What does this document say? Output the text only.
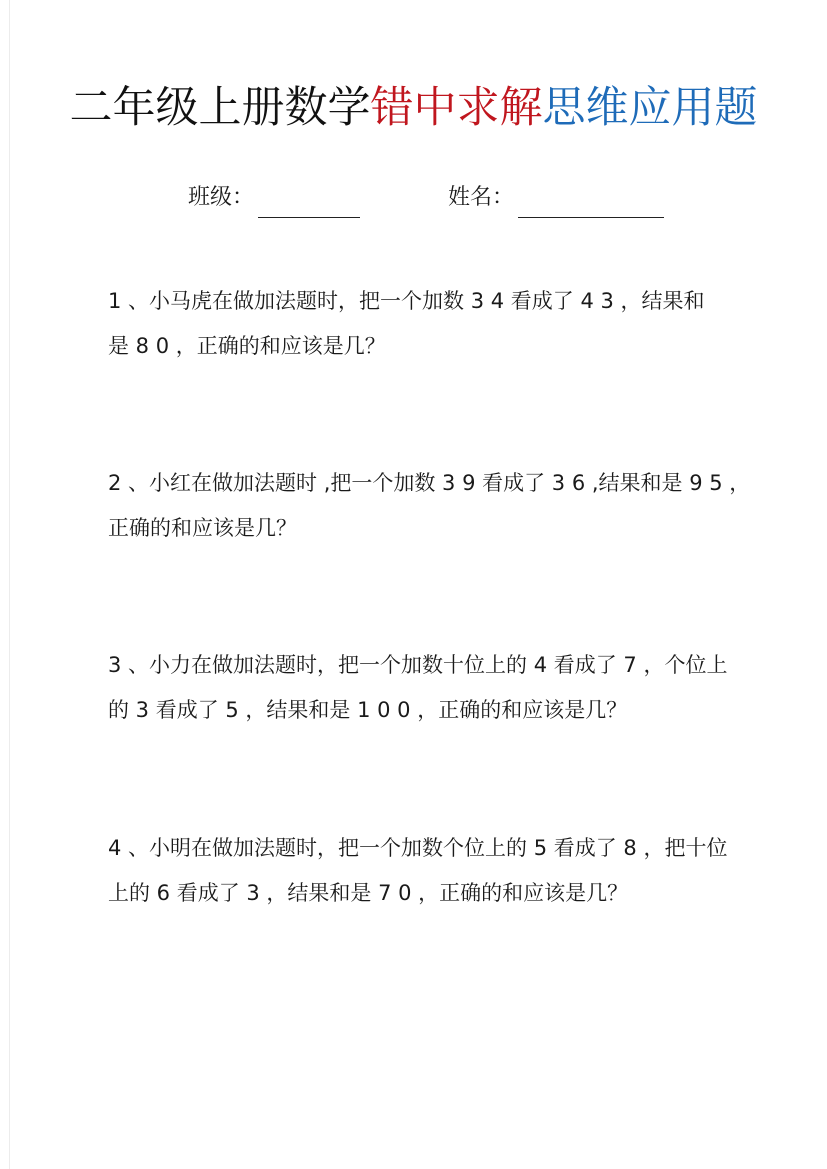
二年级上册数学错中求解思维应用题
班级：	姓名：
1 、小马虎在做加法题时，把一个加数 3 4 看成了 4 3 ，结果和
是 8 0 ，正确的和应该是几？
2 、小红在做加法题时 ,把一个加数 3 9 看成了 3 6 ,结果和是 9 5 ，
正确的和应该是几？
3 、小力在做加法题时，把一个加数十位上的 4 看成了 7 ，个位上
的 3 看成了 5 ，结果和是 1 0 0 ，正确的和应该是几？
4 、小明在做加法题时，把一个加数个位上的 5 看成了 8 ，把十位
上的 6 看成了 3 ，结果和是 7 0 ，正确的和应该是几？
